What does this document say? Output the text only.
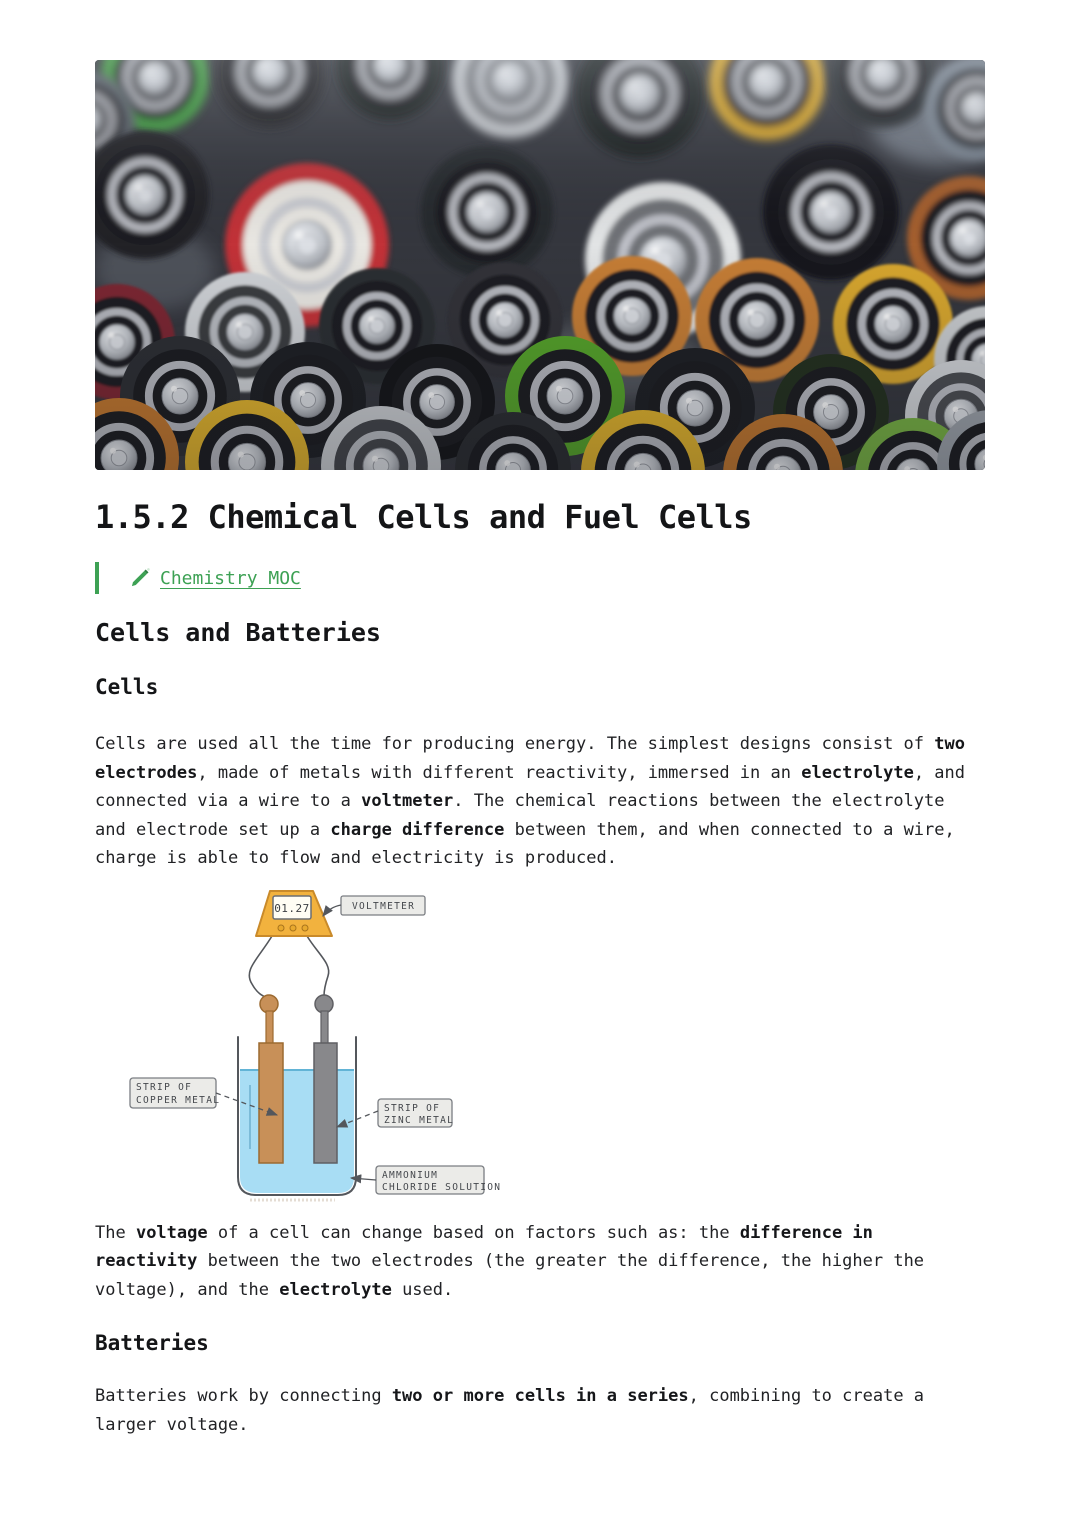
1.5.2 Chemical Cells and Fuel Cells
Chemistry MOC
Cells and Batteries
Cells

Cells are used all the time for producing energy. The simplest designs consist of two electrodes, made of metals with different reactivity, immersed in an electrolyte, and connected via a wire to a voltmeter. The chemical reactions between the electrolyte and electrode set up a charge difference between them, and when connected to a wire, charge is able to flow and electricity is produced.

01.27	VOLTMETER
STRIP OF
COPPER METAL
STRIP OF
ZINC METAL
AMMONIUM
CHLORIDE SOLUTION

The voltage of a cell can change based on factors such as: the difference in reactivity between the two electrodes (the greater the difference, the higher the voltage), and the electrolyte used.

Batteries

Batteries work by connecting two or more cells in a series, combining to create a larger voltage.
